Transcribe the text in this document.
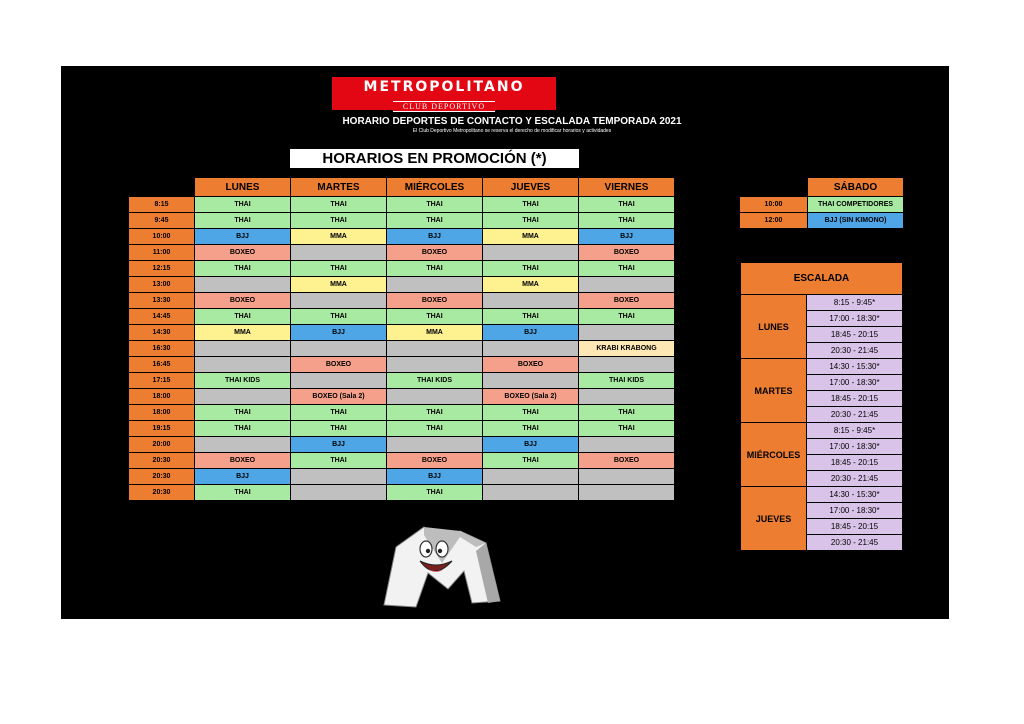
METROPOLITANO
CLUB DEPORTIVO
HORARIO DEPORTES DE CONTACTO Y ESCALADA TEMPORADA 2021
El Club Deportivo Metropolitano se reserva el derecho de modificar horarios y actividades
HORARIOS EN PROMOCIÓN (*)
	LUNES	MARTES	MIÉRCOLES	JUEVES	VIERNES
8:15	THAI	THAI	THAI	THAI	THAI
9:45	THAI	THAI	THAI	THAI	THAI
10:00	BJJ	MMA	BJJ	MMA	BJJ
11:00	BOXEO		BOXEO		BOXEO
12:15	THAI	THAI	THAI	THAI	THAI
13:00		MMA		MMA	
13:30	BOXEO		BOXEO		BOXEO
14:45	THAI	THAI	THAI	THAI	THAI
14:30	MMA	BJJ	MMA	BJJ	
16:30					KRABI KRABONG
16:45		BOXEO		BOXEO	
17:15	THAI KIDS		THAI KIDS		THAI KIDS
18:00		BOXEO (Sala 2)		BOXEO (Sala 2)	
18:00	THAI	THAI	THAI	THAI	THAI
19:15	THAI	THAI	THAI	THAI	THAI
20:00		BJJ		BJJ	
20:30	BOXEO	THAI	BOXEO	THAI	BOXEO
20:30	BJJ		BJJ		
20:30	THAI		THAI		
	SÁBADO
10:00	THAI COMPETIDORES
12:00	BJJ (SIN KIMONO)
ESCALADA	
LUNES	8:15 - 9:45*
	17:00 - 18:30*
	18:45 - 20:15
	20:30 - 21:45
MARTES	14:30 - 15:30*
	17:00 - 18:30*
	18:45 - 20:15
	20:30 - 21:45
MIÉRCOLES	8:15 - 9:45*
	17:00 - 18:30*
	18:45 - 20:15
	20:30 - 21:45
JUEVES	14:30 - 15:30*
	17:00 - 18:30*
	18:45 - 20:15
	20:30 - 21:45
